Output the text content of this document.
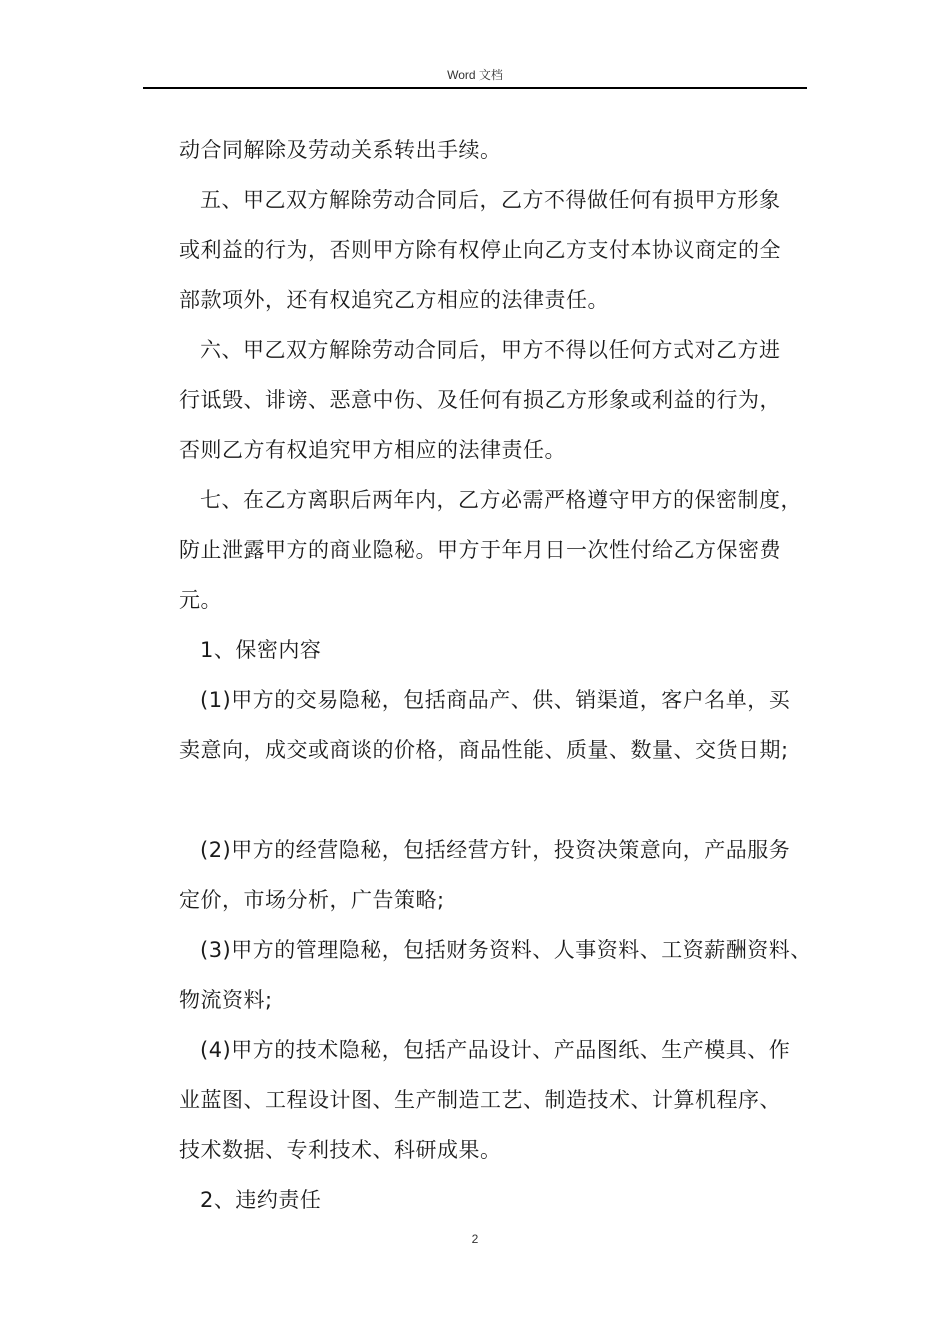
Word 文档

动合同解除及劳动关系转出手续。

五、甲乙双方解除劳动合同后，乙方不得做任何有损甲方形象
或利益的行为，否则甲方除有权停止向乙方支付本协议商定的全
部款项外，还有权追究乙方相应的法律责任。

六、甲乙双方解除劳动合同后，甲方不得以任何方式对乙方进
行诋毁、诽谤、恶意中伤、及任何有损乙方形象或利益的行为，
否则乙方有权追究甲方相应的法律责任。

七、在乙方离职后两年内，乙方必需严格遵守甲方的保密制度，
防止泄露甲方的商业隐秘。甲方于年月日一次性付给乙方保密费
元。

1、保密内容

(1)甲方的交易隐秘，包括商品产、供、销渠道，客户名单，买
卖意向，成交或商谈的价格，商品性能、质量、数量、交货日期;

(2)甲方的经营隐秘，包括经营方针，投资决策意向，产品服务
定价，市场分析，广告策略;

(3)甲方的管理隐秘，包括财务资料、人事资料、工资薪酬资料、
物流资料;

(4)甲方的技术隐秘，包括产品设计、产品图纸、生产模具、作
业蓝图、工程设计图、生产制造工艺、制造技术、计算机程序、
技术数据、专利技术、科研成果。

2、违约责任

2
